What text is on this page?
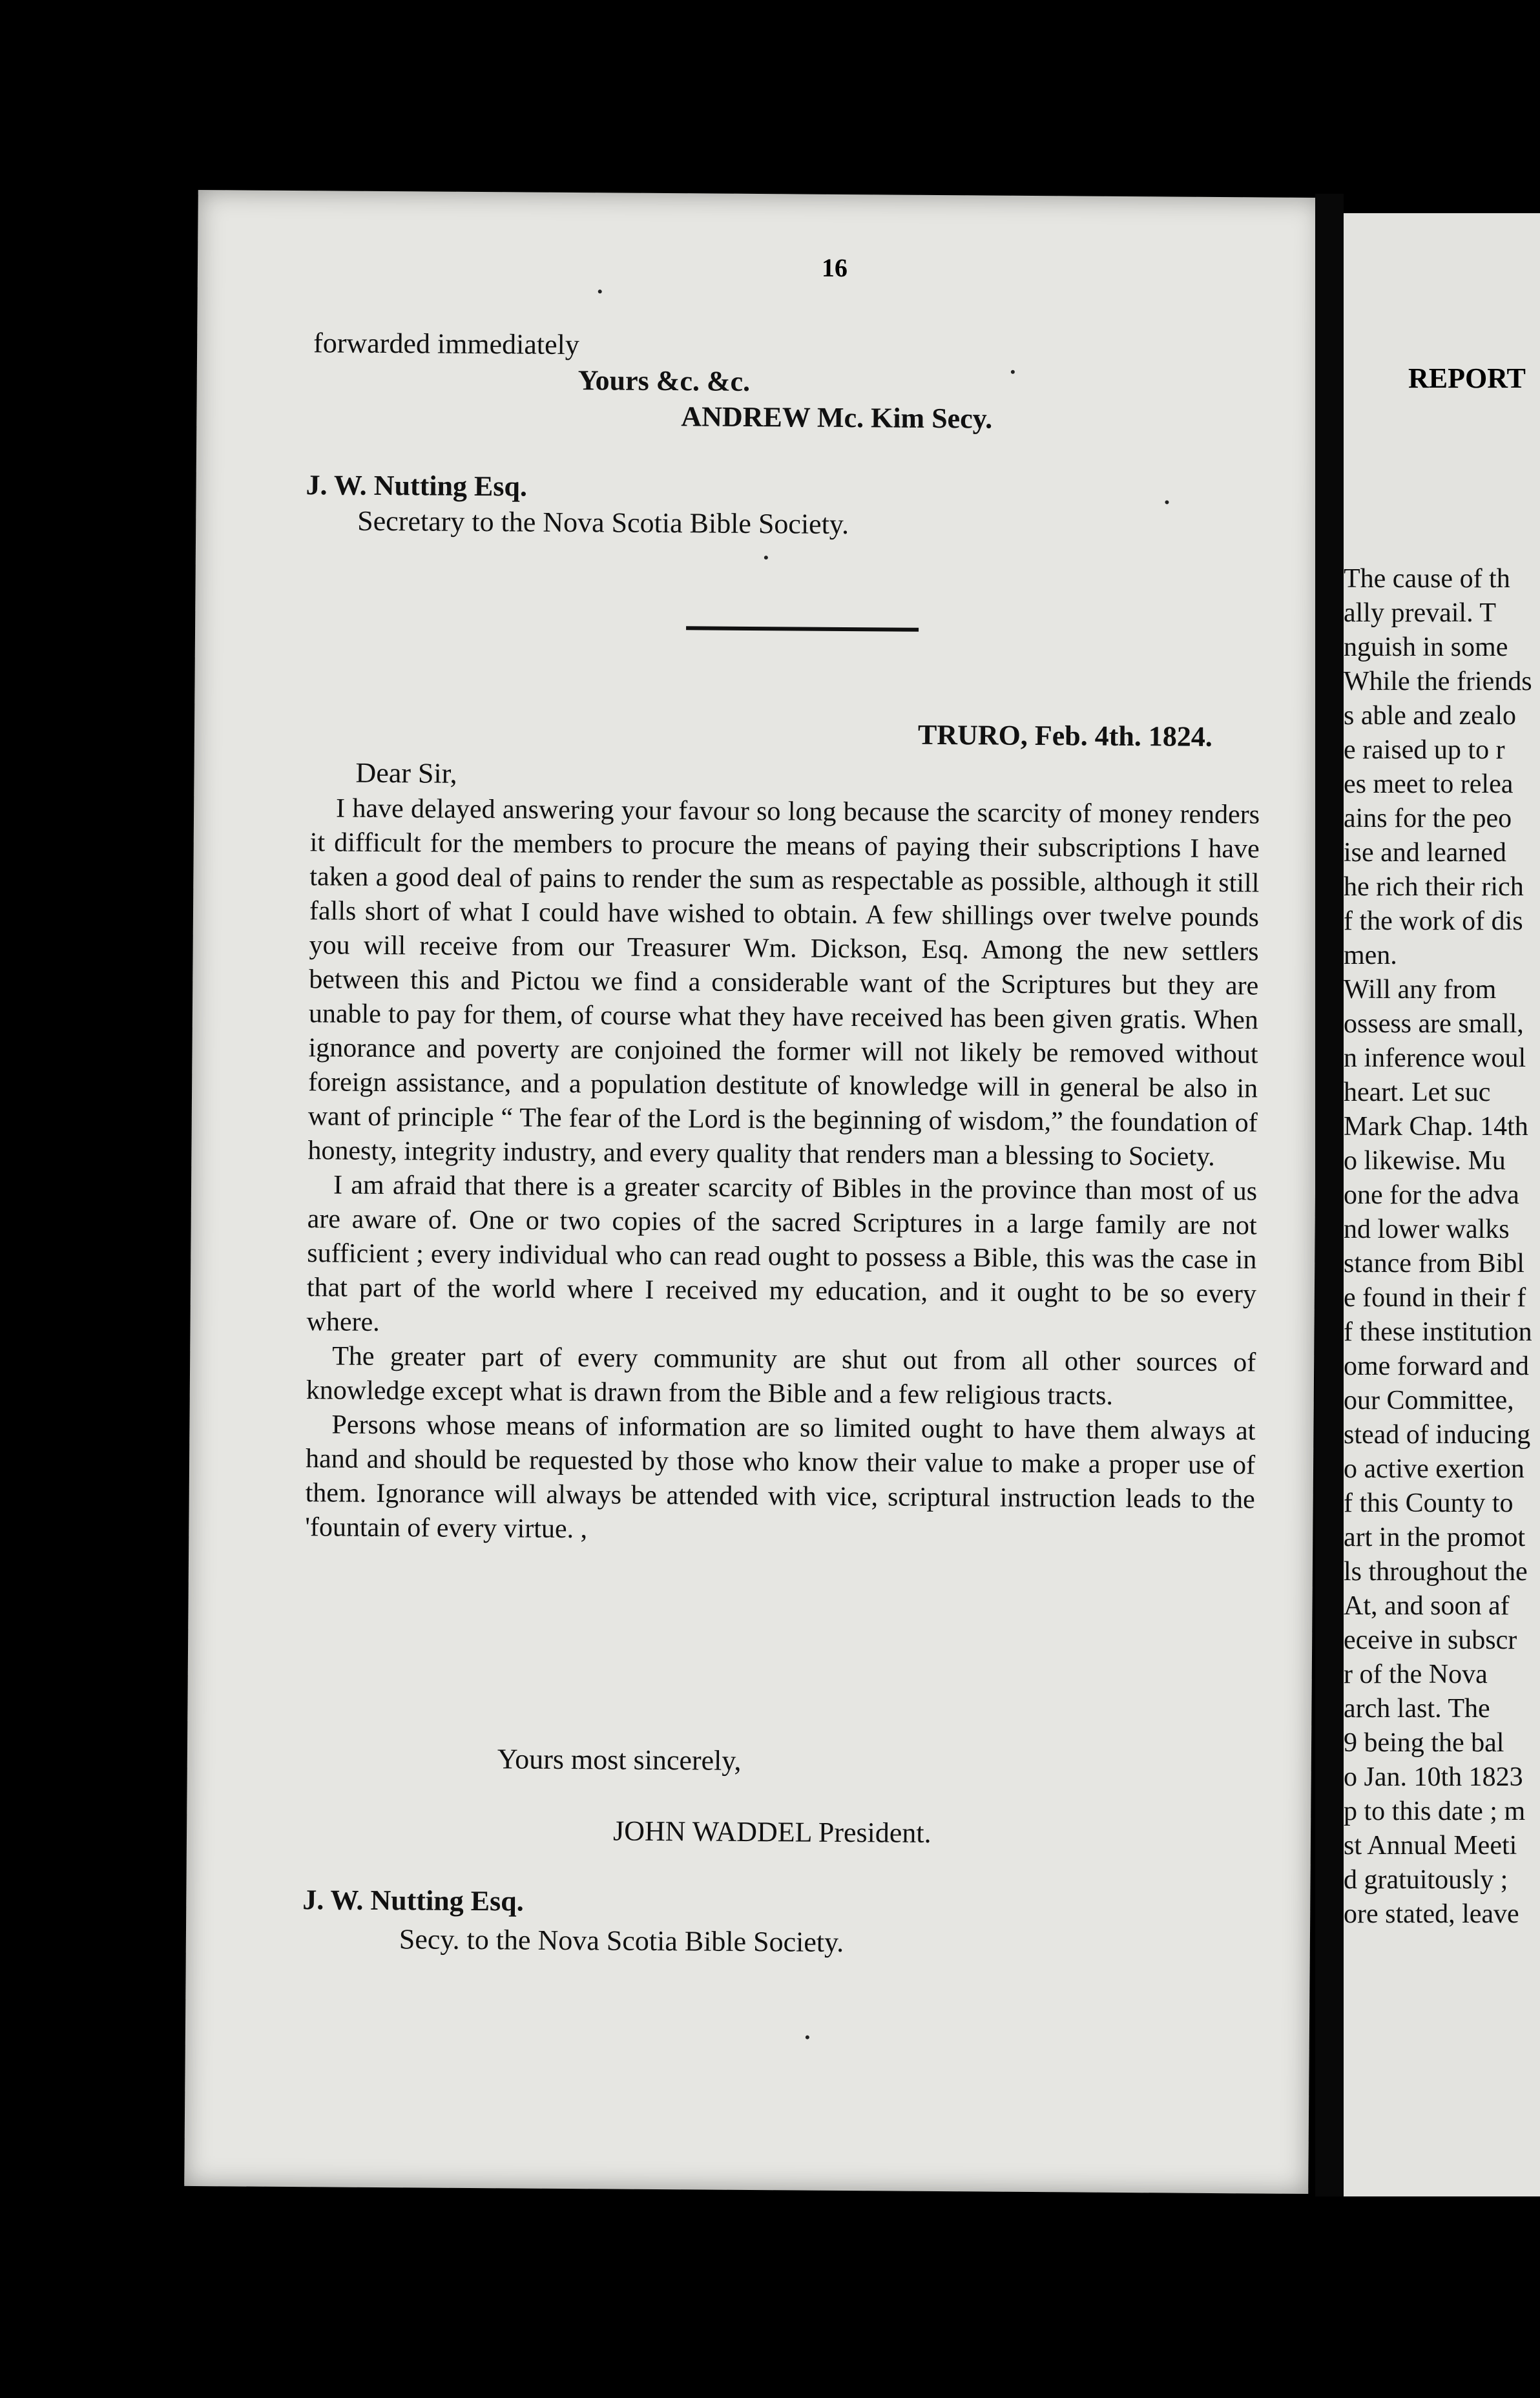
16
forwarded immediately
Yours &c. &c.
ANDREW Mc. Kim Secy.
J. W. Nutting Esq.
Secretary to the Nova Scotia Bible Society.
TRURO, Feb. 4th. 1824.
Dear Sir,

I have delayed answering your favour so long because the scarcity of money renders it difficult for the members to procure the means of paying their subscriptions I have taken a good deal of pains to render the sum as respectable as possible, although it still falls short of what I could have wished to obtain. A few shillings over twelve pounds you will receive from our Treasurer Wm. Dickson, Esq. Among the new settlers between this and Pictou we find a considerable want of the Scriptures but they are unable to pay for them, of course what they have received has been given gratis. When ignorance and poverty are conjoined the former will not likely be removed without foreign assistance, and a population destitute of knowledge will in general be also in want of principle “ The fear of the Lord is the beginning of wisdom,” the foundation of honesty, integrity industry, and every quality that renders man a blessing to Society.

I am afraid that there is a greater scarcity of Bibles in the province than most of us are aware of. One or two copies of the sacred Scriptures in a large family are not sufficient ; every individual who can read ought to possess a Bible, this was the case in that part of the world where I received my education, and it ought to be so every where.

The greater part of every community are shut out from all other sources of knowledge except what is drawn from the Bible and a few religious tracts.

Persons whose means of information are so limited ought to have them always at hand and should be requested by those who know their value to make a proper use of them. Ignorance will always be attended with vice, scriptural instruction leads to the 'fountain of every virtue. ,

Yours most sincerely,
JOHN WADDEL President.
J. W. Nutting Esq.
Secy. to the Nova Scotia Bible Society.
REPORT
The cause of th
ally prevail. T
nguish in some
While the friends
s able and zealo
e raised up to r
es meet to relea
ains for the peo
ise and learned
he rich their rich
f the work of dis
men.
Will any from
ossess are small,
n inference woul
heart. Let suc
Mark Chap. 14th
o likewise. Mu
one for the adva
nd lower walks
stance from Bibl
e found in their f
f these institution
ome forward and
our Committee,
stead of inducing
o active exertion
f this County to
art in the promot
ls throughout the
At, and soon af
eceive in subscr
r of the Nova
arch last. The
9 being the bal
o Jan. 10th 1823
p to this date ; m
st Annual Meeti
d gratuitously ;
ore stated, leave
